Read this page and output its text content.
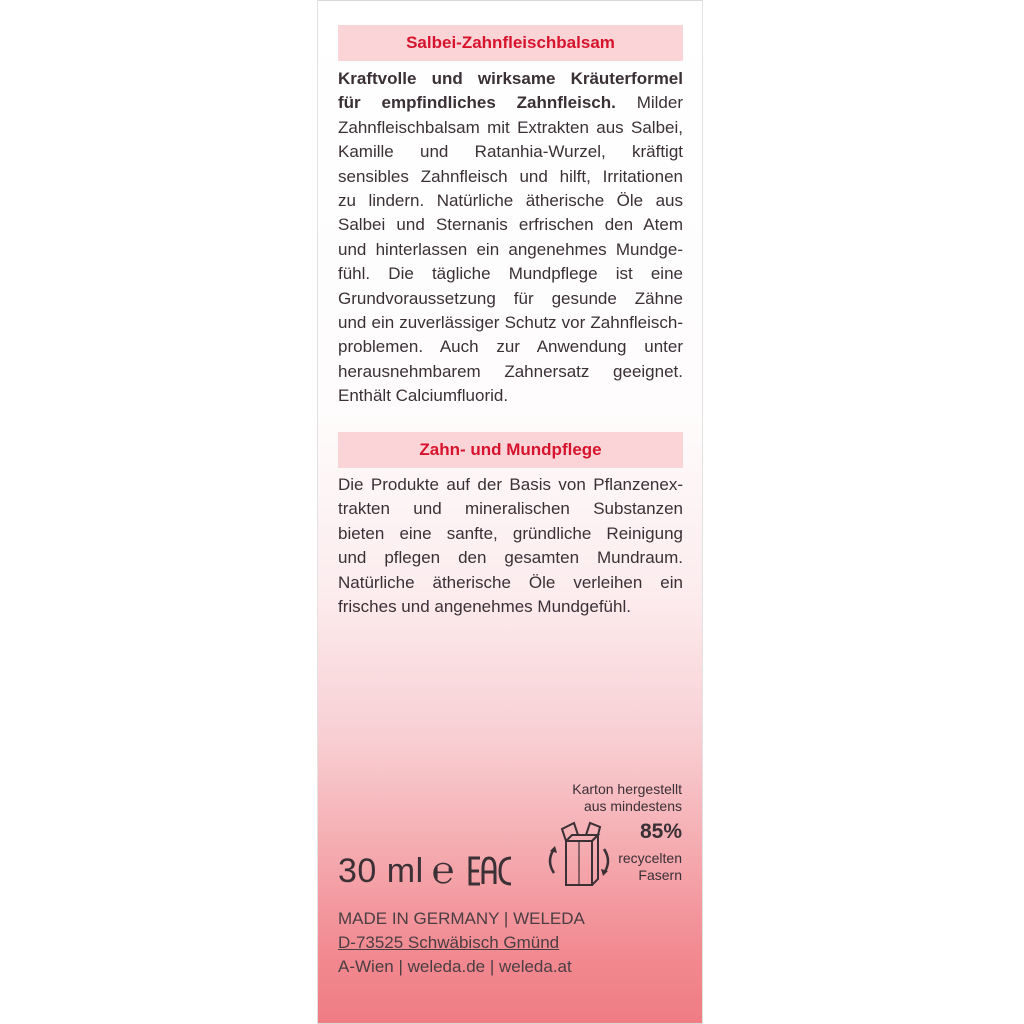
Salbei-Zahnfleischbalsam
Kraftvolle und wirksame Kräuterformel
für empfindliches Zahnfleisch. Milder
Zahnfleischbalsam mit Extrakten aus Salbei,
Kamille und Ratanhia-Wurzel, kräftigt
sensibles Zahnfleisch und hilft, Irritationen
zu lindern. Natürliche ätherische Öle aus
Salbei und Sternanis erfrischen den Atem
und hinterlassen ein angenehmes Mundge-
fühl. Die tägliche Mundpflege ist eine
Grundvoraussetzung für gesunde Zähne
und ein zuverlässiger Schutz vor Zahnfleisch-
problemen. Auch zur Anwendung unter
herausnehmbarem Zahnersatz geeignet.
Enthält Calciumfluorid.
Zahn- und Mundpflege
Die Produkte auf der Basis von Pflanzenex-
trakten und mineralischen Substanzen
bieten eine sanfte, gründliche Reinigung
und pflegen den gesamten Mundraum.
Natürliche ätherische Öle verleihen ein
frisches und angenehmes Mundgefühl.
Karton hergestellt
aus mindestens
85%
recycelten
Fasern
30 ml ℮
MADE IN GERMANY | WELEDA
D-73525 Schwäbisch Gmünd
A-Wien | weleda.de | weleda.at
